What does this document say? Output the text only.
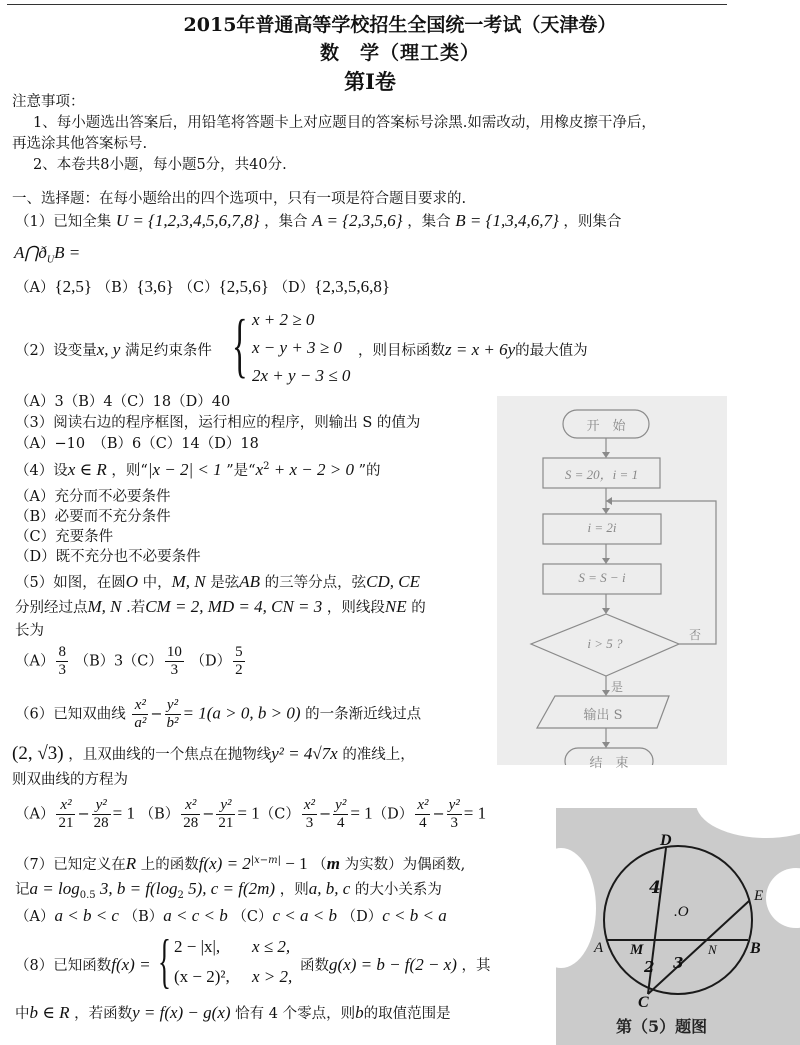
2015年普通高等学校招生全国统一考试（天津卷）
数　学（理工类）
第I卷
注意事项：
1、每小题选出答案后，用铅笔将答题卡上对应题目的答案标号涂黑.如需改动，用橡皮擦干净后，
再选涂其他答案标号.
2、本卷共8小题，每小题5分，共40分.
一、选择题：在每小题给出的四个选项中，只有一项是符合题目要求的.
（1）已知全集 U = {1,2,3,4,5,6,7,8} ，集合 A = {2,3,5,6} ，集合 B = {1,3,4,6,7} ，则集合
$A⋂ð_UB$ =
（A）{2,5} （B）{3,6} （C）{2,5,6} （D）{2,3,5,6,8}
（2）设变量x, y 满足约束条件 { x + 2 ≥ 0
x − y + 3 ≥ 0
2x + y − 3 ≤ 0
，则目标函数z = x + 6y的最大值为
（A）3（B）4（C）18（D）40
（3）阅读右边的程序框图，运行相应的程序，则输出 S 的值为
（A）−10　（B）6（C）14（D）18
（4）设x ∈ R ，则“|x − 2| < 1 ”是“$x^2 + x - 2 > 0$ ”的
（A）充分而不必要条件
（B）必要而不充分条件
（C）充要条件
（D）既不充分也不必要条件
（5）如图，在圆O 中，M, N 是弦AB 的三等分点，弦CD, CE
分别经过点M, N .若CM = 2, MD = 4, CN = 3 ，则线段NE 的
长为
$(A) \frac{8}{3} (B)3(C) \frac{10}{3} (D) \frac{5}{2}$
（6）已知双曲线 $\frac{\text{x²}}{\text{a²}} - \frac{\text{y²}}{\text{b²}} = 1(a > 0$, b > 0) 的一条渐近线过点
(2, √3) ，且双曲线的一个焦点在抛物线y² = 4√7x 的准线上，
则双曲线的方程为
$(A) \frac{\text{x²}}{21} - \frac{\text{y²}}{28} = 1$ $(B) \frac{\text{x²}}{28} - \frac{\text{y²}}{21} = 1(C) \frac{\text{x²}}{3} - \frac{\text{y²}}{4} = 1(D) \frac{\text{x²}}{4} - \frac{\text{y²}}{3} = 1$
（7）已知定义在R 上的函数$f(x) = 2^{|x-m|} - 1$ （m 为实数）为偶函数,
记$a = \log_{0.5} 3$, $b = f(\log_2$ 5), c = f(2m) ，则a, b, c 的大小关系为
（A）a < b < c （B）a < c < b （C）c < a < b （D）c < b < a
（8）已知函数f(x) = { 2 − |x|, x ≤ 2,
(x − 2)², x > 2,
函数g(x) = b − f(2 − x) ，其
中b ∈ R ，若函数y = f(x) − g(x) 恰有 4 个零点，则b的取值范围是
开　始
S = 20，i = 1
i = 2i
S = S − i
i > 5 ?
否
是
输出 S
结　束
D
E
A	B
C
M	N
.O
4
2 3
第（5）题图
